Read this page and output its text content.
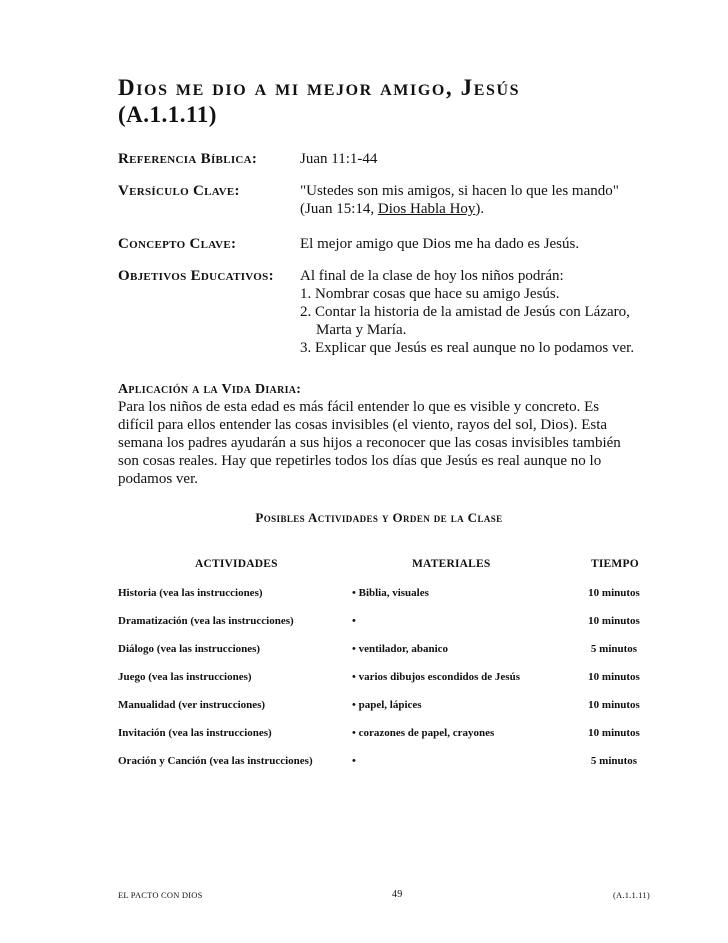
Dios me dio a mi mejor amigo, Jesús
(A.1.1.11)
Referencia Bíblica:	Juan 11:1-44
Versículo Clave:	"Ustedes son mis amigos, si hacen lo que les mando"
(Juan 15:14, Dios Habla Hoy).
Concepto Clave:	El mejor amigo que Dios me ha dado es Jesús.
Objetivos Educativos: Al final de la clase de hoy los niños podrán:
1. Nombrar cosas que hace su amigo Jesús.
2. Contar la historia de la amistad de Jesús con Lázaro,
Marta y María.
3. Explicar que Jesús es real aunque no lo podamos ver.
Aplicación a la Vida Diaria:
Para los niños de esta edad es más fácil entender lo que es visible y concreto. Es
difícil para ellos entender las cosas invisibles (el viento, rayos del sol, Dios). Esta
semana los padres ayudarán a sus hijos a reconocer que las cosas invisibles también
son cosas reales. Hay que repetirles todos los días que Jesús es real aunque no lo
podamos ver.
Posibles Actividades y Orden de la Clase
ACTIVIDADES	MATERIALES	TIEMPO
Historia (vea las instrucciones)	• Biblia, visuales	10 minutos
Dramatización (vea las instrucciones)	•	10 minutos
Diálogo (vea las instrucciones)	• ventilador, abanico	5 minutos
Juego (vea las instrucciones)	• varios dibujos escondidos de Jesús	10 minutos
Manualidad (ver instrucciones)	• papel, lápices	10 minutos
Invitación (vea las instrucciones)	• corazones de papel, crayones	10 minutos
Oración y Canción (vea las instrucciones)	•	5 minutos
EL PACTO CON DIOS	49	(A.1.1.11)
